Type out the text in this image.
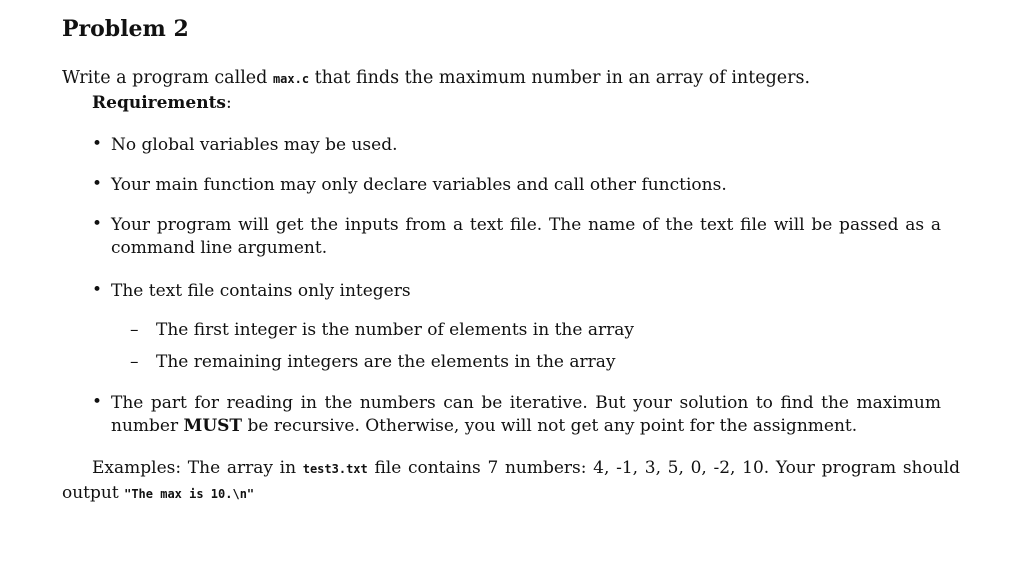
Problem 2
Write a program called max.c that finds the maximum number in an array of integers.
Requirements:
• No global variables may be used.
• Your main function may only declare variables and call other functions.
• Your program will get the inputs from a text file. The name of the text file will be passed as a command line argument.
• The text file contains only integers
– The first integer is the number of elements in the array
– The remaining integers are the elements in the array
• The part for reading in the numbers can be iterative. But your solution to find the maximum number MUST be recursive. Otherwise, you will not get any point for the assignment.
Examples: The array in test3.txt file contains 7 numbers: 4, -1, 3, 5, 0, -2, 10. Your program should
output "The max is 10.\n"
